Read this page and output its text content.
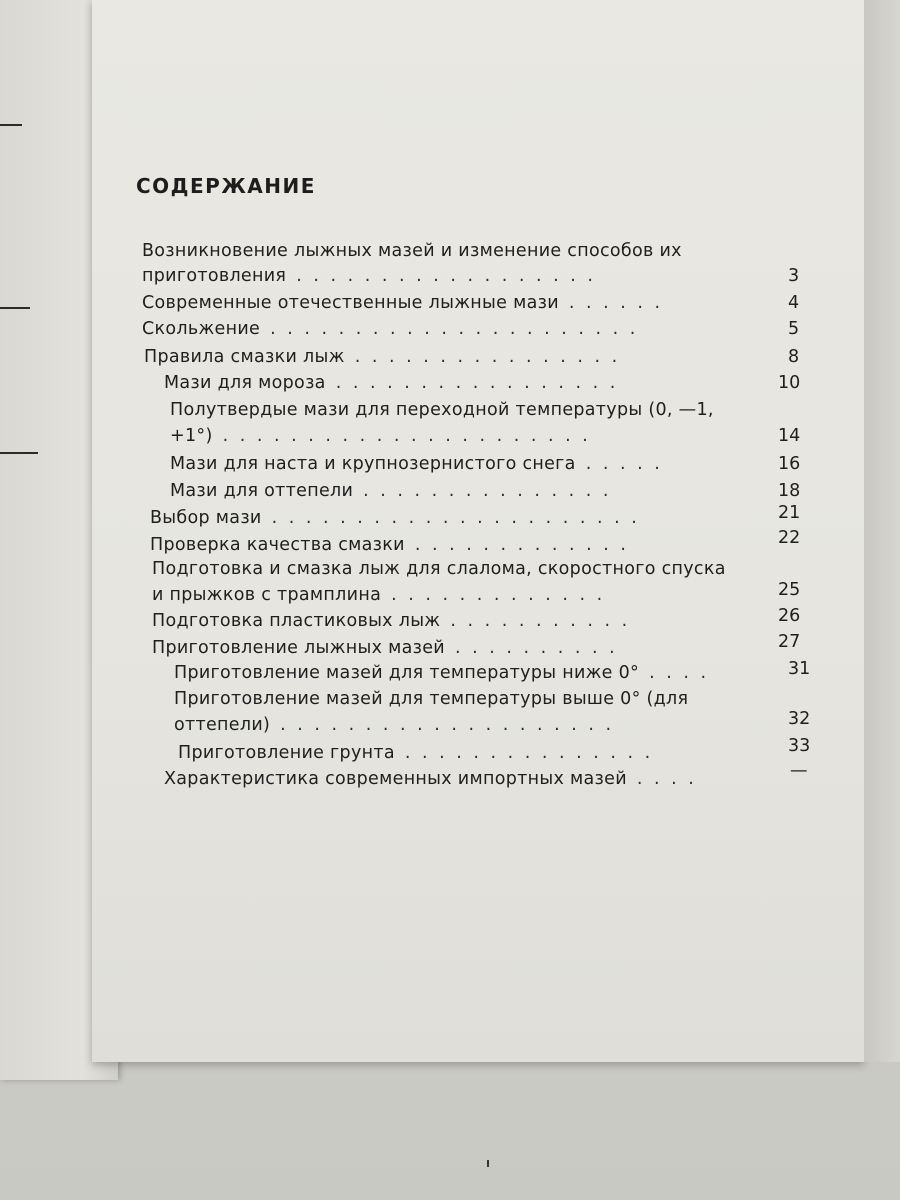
СОДЕРЖАНИЕ
Возникновение лыжных мазей и изменение способов их
приготовления . . . . . . . . . . . . . . . . . .	3
Современные отечественные лыжные мази . . . . . .	4
Скольжение . . . . . . . . . . . . . . . . . . . . . .	5
Правила смазки лыж . . . . . . . . . . . . . . . .	8
Мази для мороза . . . . . . . . . . . . . . . . .	10
Полутвердые мази для переходной температуры (0, —1,
+1°) . . . . . . . . . . . . . . . . . . . . . .	14
Мази для наста и крупнозернистого снега . . . . .	16
Мази для оттепели . . . . . . . . . . . . . . .	18
Выбор мази . . . . . . . . . . . . . . . . . . . . . .	21
Проверка качества смазки . . . . . . . . . . . . .	22
Подготовка и смазка лыж для слалома, скоростного спуска
и прыжков с трамплина . . . . . . . . . . . . .	25
Подготовка пластиковых лыж . . . . . . . . . . .	26
Приготовление лыжных мазей . . . . . . . . . .	27
Приготовление мазей для температуры ниже 0° . . . .	31
Приготовление мазей для температуры выше 0° (для
оттепели) . . . . . . . . . . . . . . . . . . . .	32
Приготовление грунта . . . . . . . . . . . . . . .	33
Характеристика современных импортных мазей . . . .	—
